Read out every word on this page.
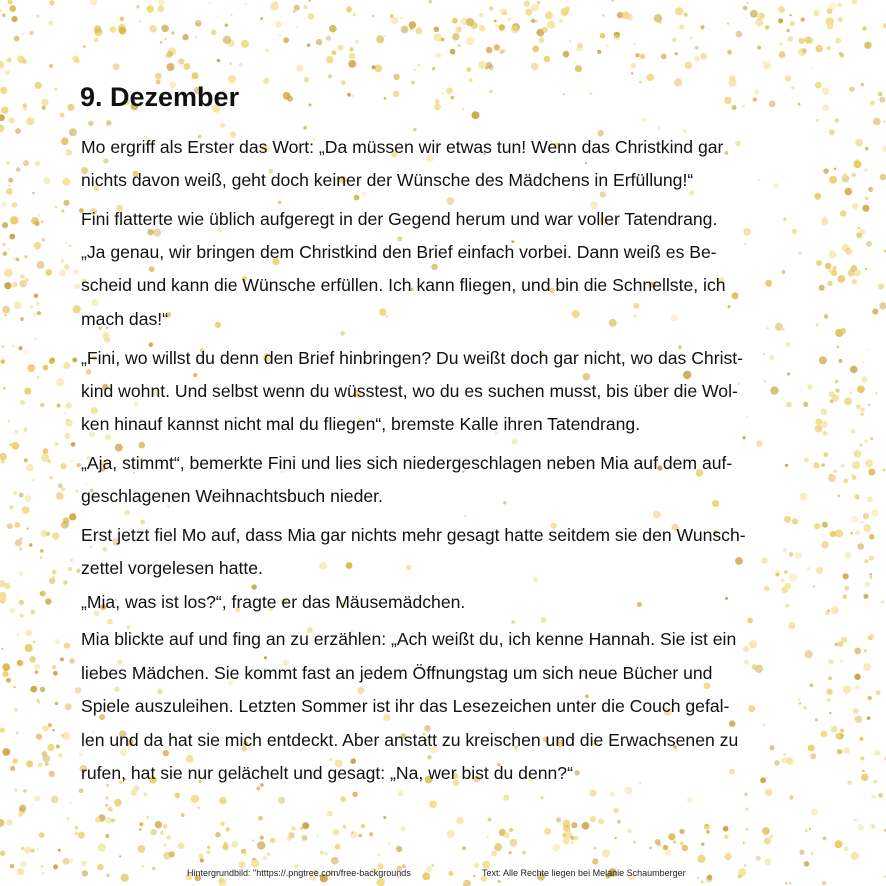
9. Dezember
Mo ergriff als Erster das Wort: „Da müssen wir etwas tun! Wenn das Christkind gar
nichts davon weiß, geht doch keiner der Wünsche des Mädchens in Erfüllung!“
Fini flatterte wie üblich aufgeregt in der Gegend herum und war voller Tatendrang.
„Ja genau, wir bringen dem Christkind den Brief einfach vorbei. Dann weiß es Be-
scheid und kann die Wünsche erfüllen. Ich kann fliegen, und bin die Schnellste, ich
mach das!“
„Fini, wo willst du denn den Brief hinbringen? Du weißt doch gar nicht, wo das Christ-
kind wohnt. Und selbst wenn du wüsstest, wo du es suchen musst, bis über die Wol-
ken hinauf kannst nicht mal du fliegen“, bremste Kalle ihren Tatendrang.
„Aja, stimmt“, bemerkte Fini und lies sich niedergeschlagen neben Mia auf dem auf-
geschlagenen Weihnachtsbuch nieder.
Erst jetzt fiel Mo auf, dass Mia gar nichts mehr gesagt hatte seitdem sie den Wunsch-
zettel vorgelesen hatte.
„Mia, was ist los?“, fragte er das Mäusemädchen.
Mia blickte auf und fing an zu erzählen: „Ach weißt du, ich kenne Hannah. Sie ist ein
liebes Mädchen. Sie kommt fast an jedem Öffnungstag um sich neue Bücher und
Spiele auszuleihen. Letzten Sommer ist ihr das Lesezeichen unter die Couch gefal-
len und da hat sie mich entdeckt. Aber anstatt zu kreischen und die Erwachsenen zu
rufen, hat sie nur gelächelt und gesagt: „Na, wer bist du denn?“
Hintergrundbild: "htttps://.pngtree.com/free-backgrounds	Text: Alle Rechte liegen bei Melanie Schaumberger
